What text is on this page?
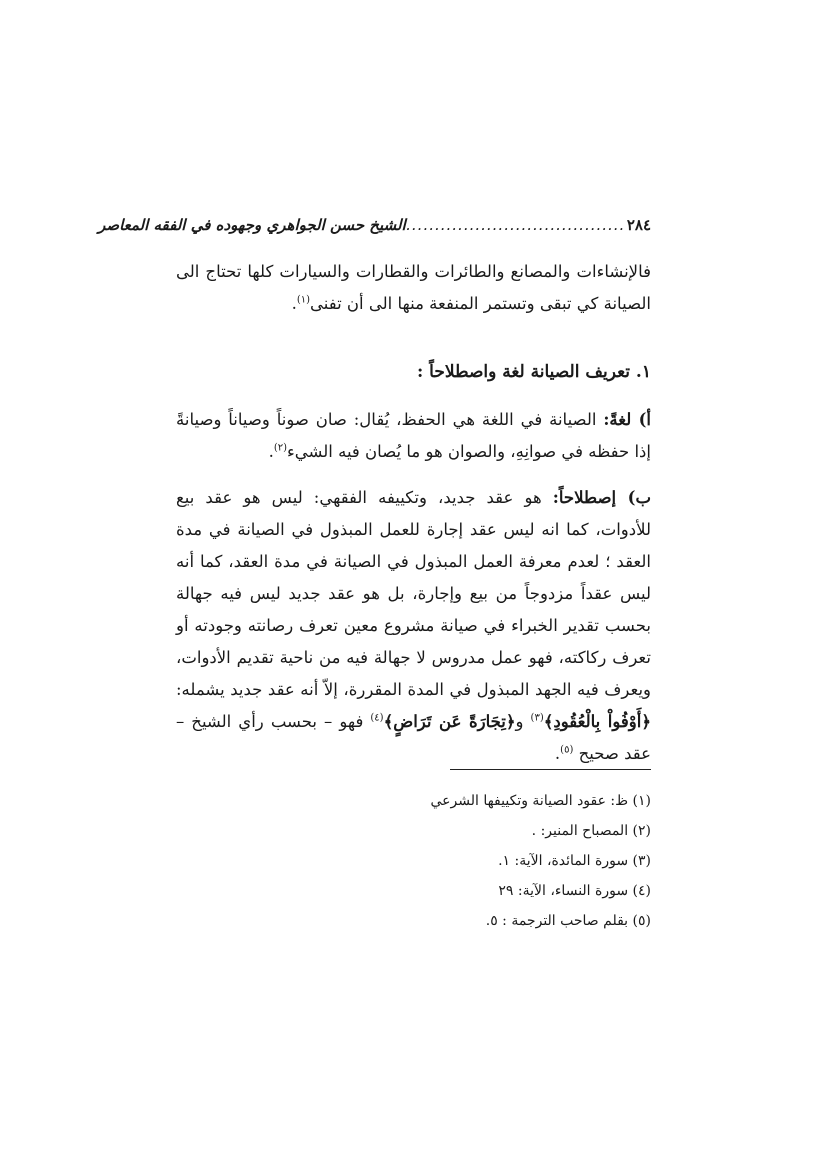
٢٨٤
......................................
الشيخ حسن الجواهري وجهوده في الفقه المعاصر

فالإنشاءات والمصانع والطائرات والقطارات والسيارات كلها تحتاج الى الصيانة كي تبقى وتستمر المنفعة منها الى أن تفنى$^{(١)}$.

١. تعريف الصيانة لغة واصطلاحاً :

أ) لغةً: الصيانة في اللغة هي الحفظ، يُقال: صان صوناً وصياناً وصيانةً إذا حفظه في صوانِهِ، والصوان هو ما يُصان فيه الشيء$^{(٢)}$.

ب) إصطلاحاً: هو عقد جديد، وتكييفه الفقهي: ليس هو عقد بيع للأدوات، كما انه ليس عقد إجارة للعمل المبذول في الصيانة في مدة العقد ؛ لعدم معرفة العمل المبذول في الصيانة في مدة العقد، كما أنه ليس عقداً مزدوجاً من بيع وإجارة، بل هو عقد جديد ليس فيه جهالة بحسب تقدير الخبراء في صيانة مشروع معين تعرف رصانته وجودته أو تعرف ركاكته، فهو عمل مدروس لا جهالة فيه من ناحية تقديم الأدوات، ويعرف فيه الجهد المبذول في المدة المقررة، إلاّ أنه عقد جديد يشمله: ﴿أَوْفُواْ بِالْعُقُودِ﴾$^{(٣)}$ و﴿تِجَارَةً عَن تَرَاضٍ﴾$^{(٤)}$ فهو – بحسب رأي الشيخ – عقد صحيح $^{(٥)}$.

(١) ظ: عقود الصيانة وتكييفها الشرعي
(٢) المصباح المنير: .
(٣) سورة المائدة، الآية: ١.
(٤) سورة النساء، الآية: ٢٩
(٥) بقلم صاحب الترجمة : ٥.
